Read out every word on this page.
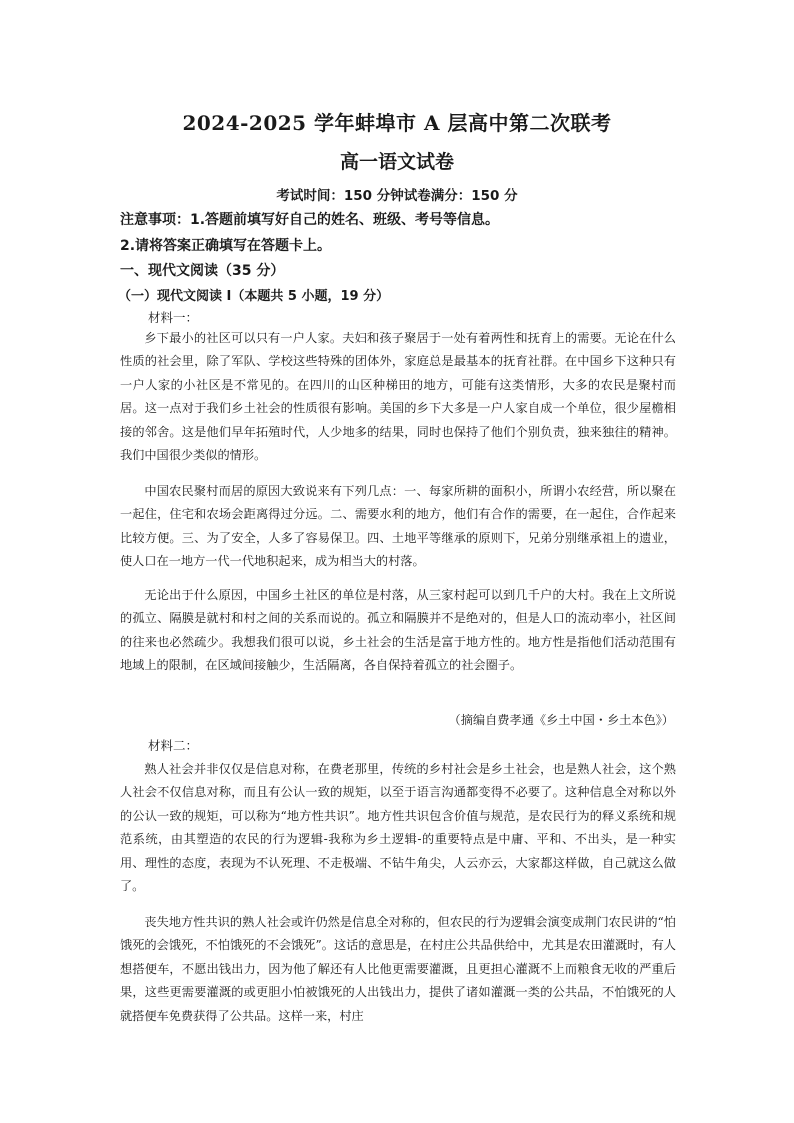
2024-2025 学年蚌埠市 A 层高中第二次联考
高一语文试卷
考试时间：150 分钟试卷满分：150 分
注意事项：1.答题前填写好自己的姓名、班级、考号等信息。
2.请将答案正确填写在答题卡上。
一、现代文阅读（35 分）
（一）现代文阅读 I（本题共 5 小题，19 分）
材料一：

乡下最小的社区可以只有一户人家。夫妇和孩子聚居于一处有着两性和抚育上的需要。无论在什么性质的社会里，除了军队、学校这些特殊的团体外，家庭总是最基本的抚育社群。在中国乡下这种只有一户人家的小社区是不常见的。在四川的山区种梯田的地方，可能有这类情形，大多的农民是聚村而居。这一点对于我们乡土社会的性质很有影响。美国的乡下大多是一户人家自成一个单位，很少屋檐相接的邻舍。这是他们早年拓殖时代，人少地多的结果，同时也保持了他们个别负责，独来独往的精神。我们中国很少类似的情形。

中国农民聚村而居的原因大致说来有下列几点：一、每家所耕的面积小，所谓小农经营，所以聚在一起住，住宅和农场会距离得过分远。二、需要水利的地方，他们有合作的需要，在一起住，合作起来比较方便。三、为了安全，人多了容易保卫。四、土地平等继承的原则下，兄弟分别继承祖上的遗业，使人口在一地方一代一代地积起来，成为相当大的村落。

无论出于什么原因，中国乡土社区的单位是村落，从三家村起可以到几千户的大村。我在上文所说的孤立、隔膜是就村和村之间的关系而说的。孤立和隔膜并不是绝对的，但是人口的流动率小，社区间的往来也必然疏少。我想我们很可以说，乡土社会的生活是富于地方性的。地方性是指他们活动范围有地域上的限制，在区域间接触少，生活隔离，各自保持着孤立的社会圈子。

（摘编自费孝通《乡土中国・乡土本色》）
材料二：

熟人社会并非仅仅是信息对称，在费老那里，传统的乡村社会是乡土社会，也是熟人社会，这个熟人社会不仅信息对称，而且有公认一致的规矩，以至于语言沟通都变得不必要了。这种信息全对称以外的公认一致的规矩，可以称为“地方性共识”。地方性共识包含价值与规范，是农民行为的释义系统和规范系统，由其塑造的农民的行为逻辑-我称为乡土逻辑-的重要特点是中庸、平和、不出头，是一种实用、理性的态度，表现为不认死理、不走极端、不钻牛角尖，人云亦云，大家都这样做，自己就这么做了。

丧失地方性共识的熟人社会或许仍然是信息全对称的，但农民的行为逻辑会演变成荆门农民讲的“怕饿死的会饿死，不怕饿死的不会饿死”。这话的意思是，在村庄公共品供给中，尤其是农田灌溉时，有人想搭便车，不愿出钱出力，因为他了解还有人比他更需要灌溉，且更担心灌溉不上而粮食无收的严重后果，这些更需要灌溉的或更胆小怕被饿死的人出钱出力，提供了诸如灌溉一类的公共品，不怕饿死的人就搭便车免费获得了公共品。这样一来，村庄
